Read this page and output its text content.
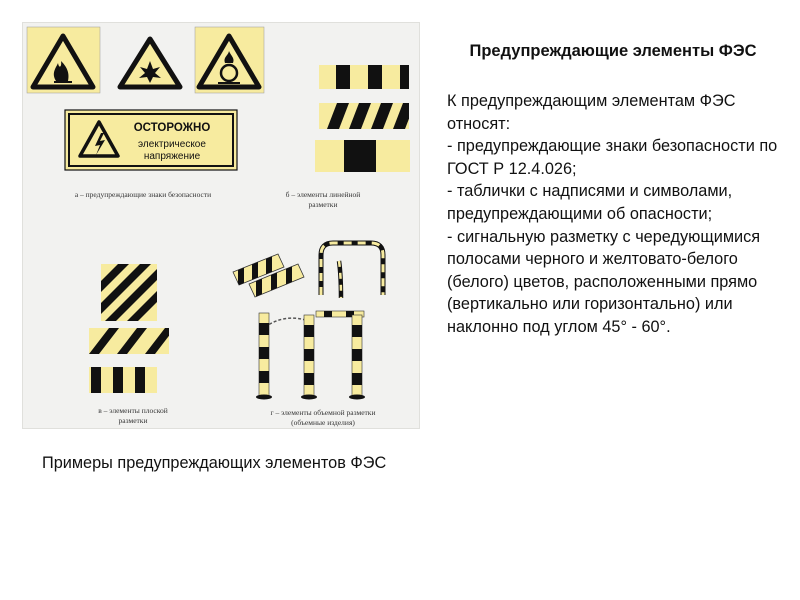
ОСТОРОЖНО
электрическое
напряжение
а – предупреждающие знаки безопасности	б – элементы линейной
разметки
в – элементы плоской
разметки
г – элементы объемной разметки
(объемные изделия)
Предупреждающие элементы ФЭС
К предупреждающим элементам ФЭС относят:
- предупреждающие знаки безопасности по ГОСТ Р 12.4.026;
- таблички с надписями и символами, предупреждающими об опасности;
- сигнальную разметку с чередующимися полосами черного и желтовато-белого (белого) цветов, расположенными прямо (вертикально или горизонтально) или наклонно под углом 45° - 60°.
Примеры предупреждающих элементов ФЭС
